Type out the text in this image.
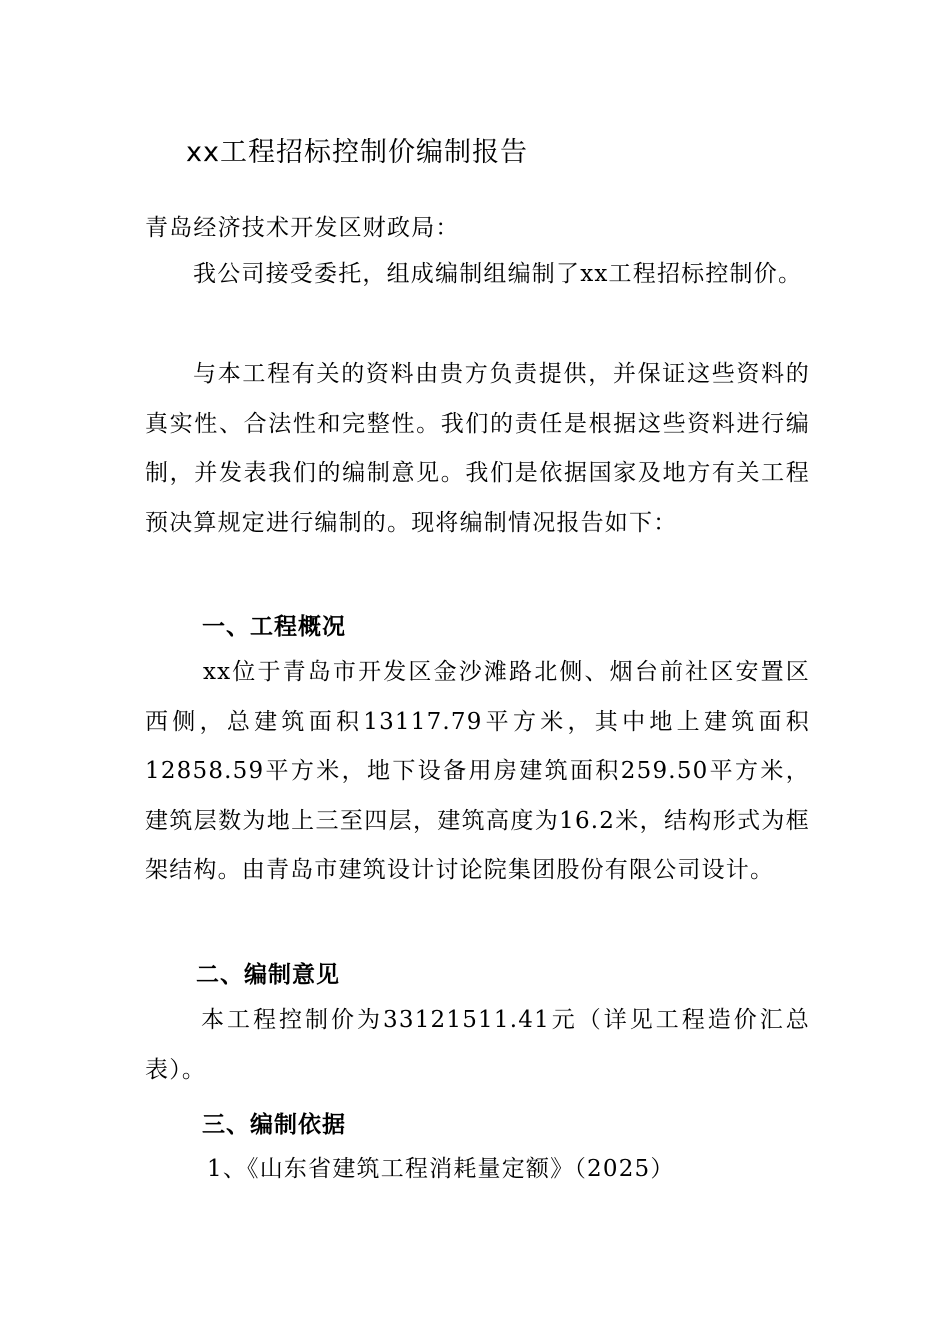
xx工程招标控制价编制报告
青岛经济技术开发区财政局：
我公司接受委托，组成编制组编制了xx工程招标控制价。
与本工程有关的资料由贵方负责提供，并保证这些资料的真实性、合法性和完整性。我们的责任是根据这些资料进行编制，并发表我们的编制意见。我们是依据国家及地方有关工程预决算规定进行编制的。现将编制情况报告如下：
一、工程概况
xx位于青岛市开发区金沙滩路北侧、烟台前社区安置区西侧，总建筑面积13117.79平方米，其中地上建筑面积12858.59平方米，地下设备用房建筑面积259.50平方米，建筑层数为地上三至四层，建筑高度为16.2米，结构形式为框架结构。由青岛市建筑设计讨论院集团股份有限公司设计。
二、编制意见
本工程控制价为33121511.41元（详见工程造价汇总表）。
三、编制依据
1、《山东省建筑工程消耗量定额》（2025）
